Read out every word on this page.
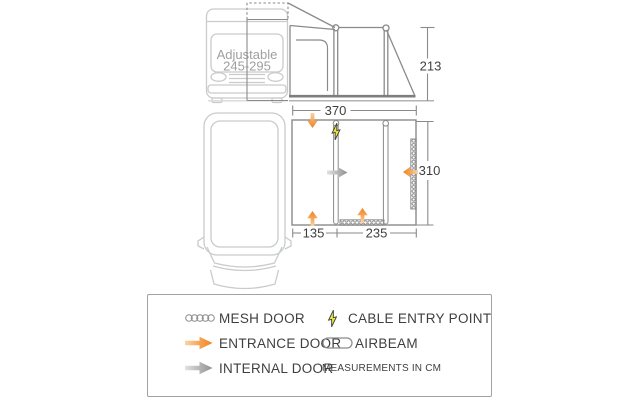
Adjustable
245-295	213
370
310
135	235
MESH DOOR
ENTRANCE DOOR
INTERNAL DOOR
CABLE ENTRY POINT
AIRBEAM
MEASUREMENTS IN CM
